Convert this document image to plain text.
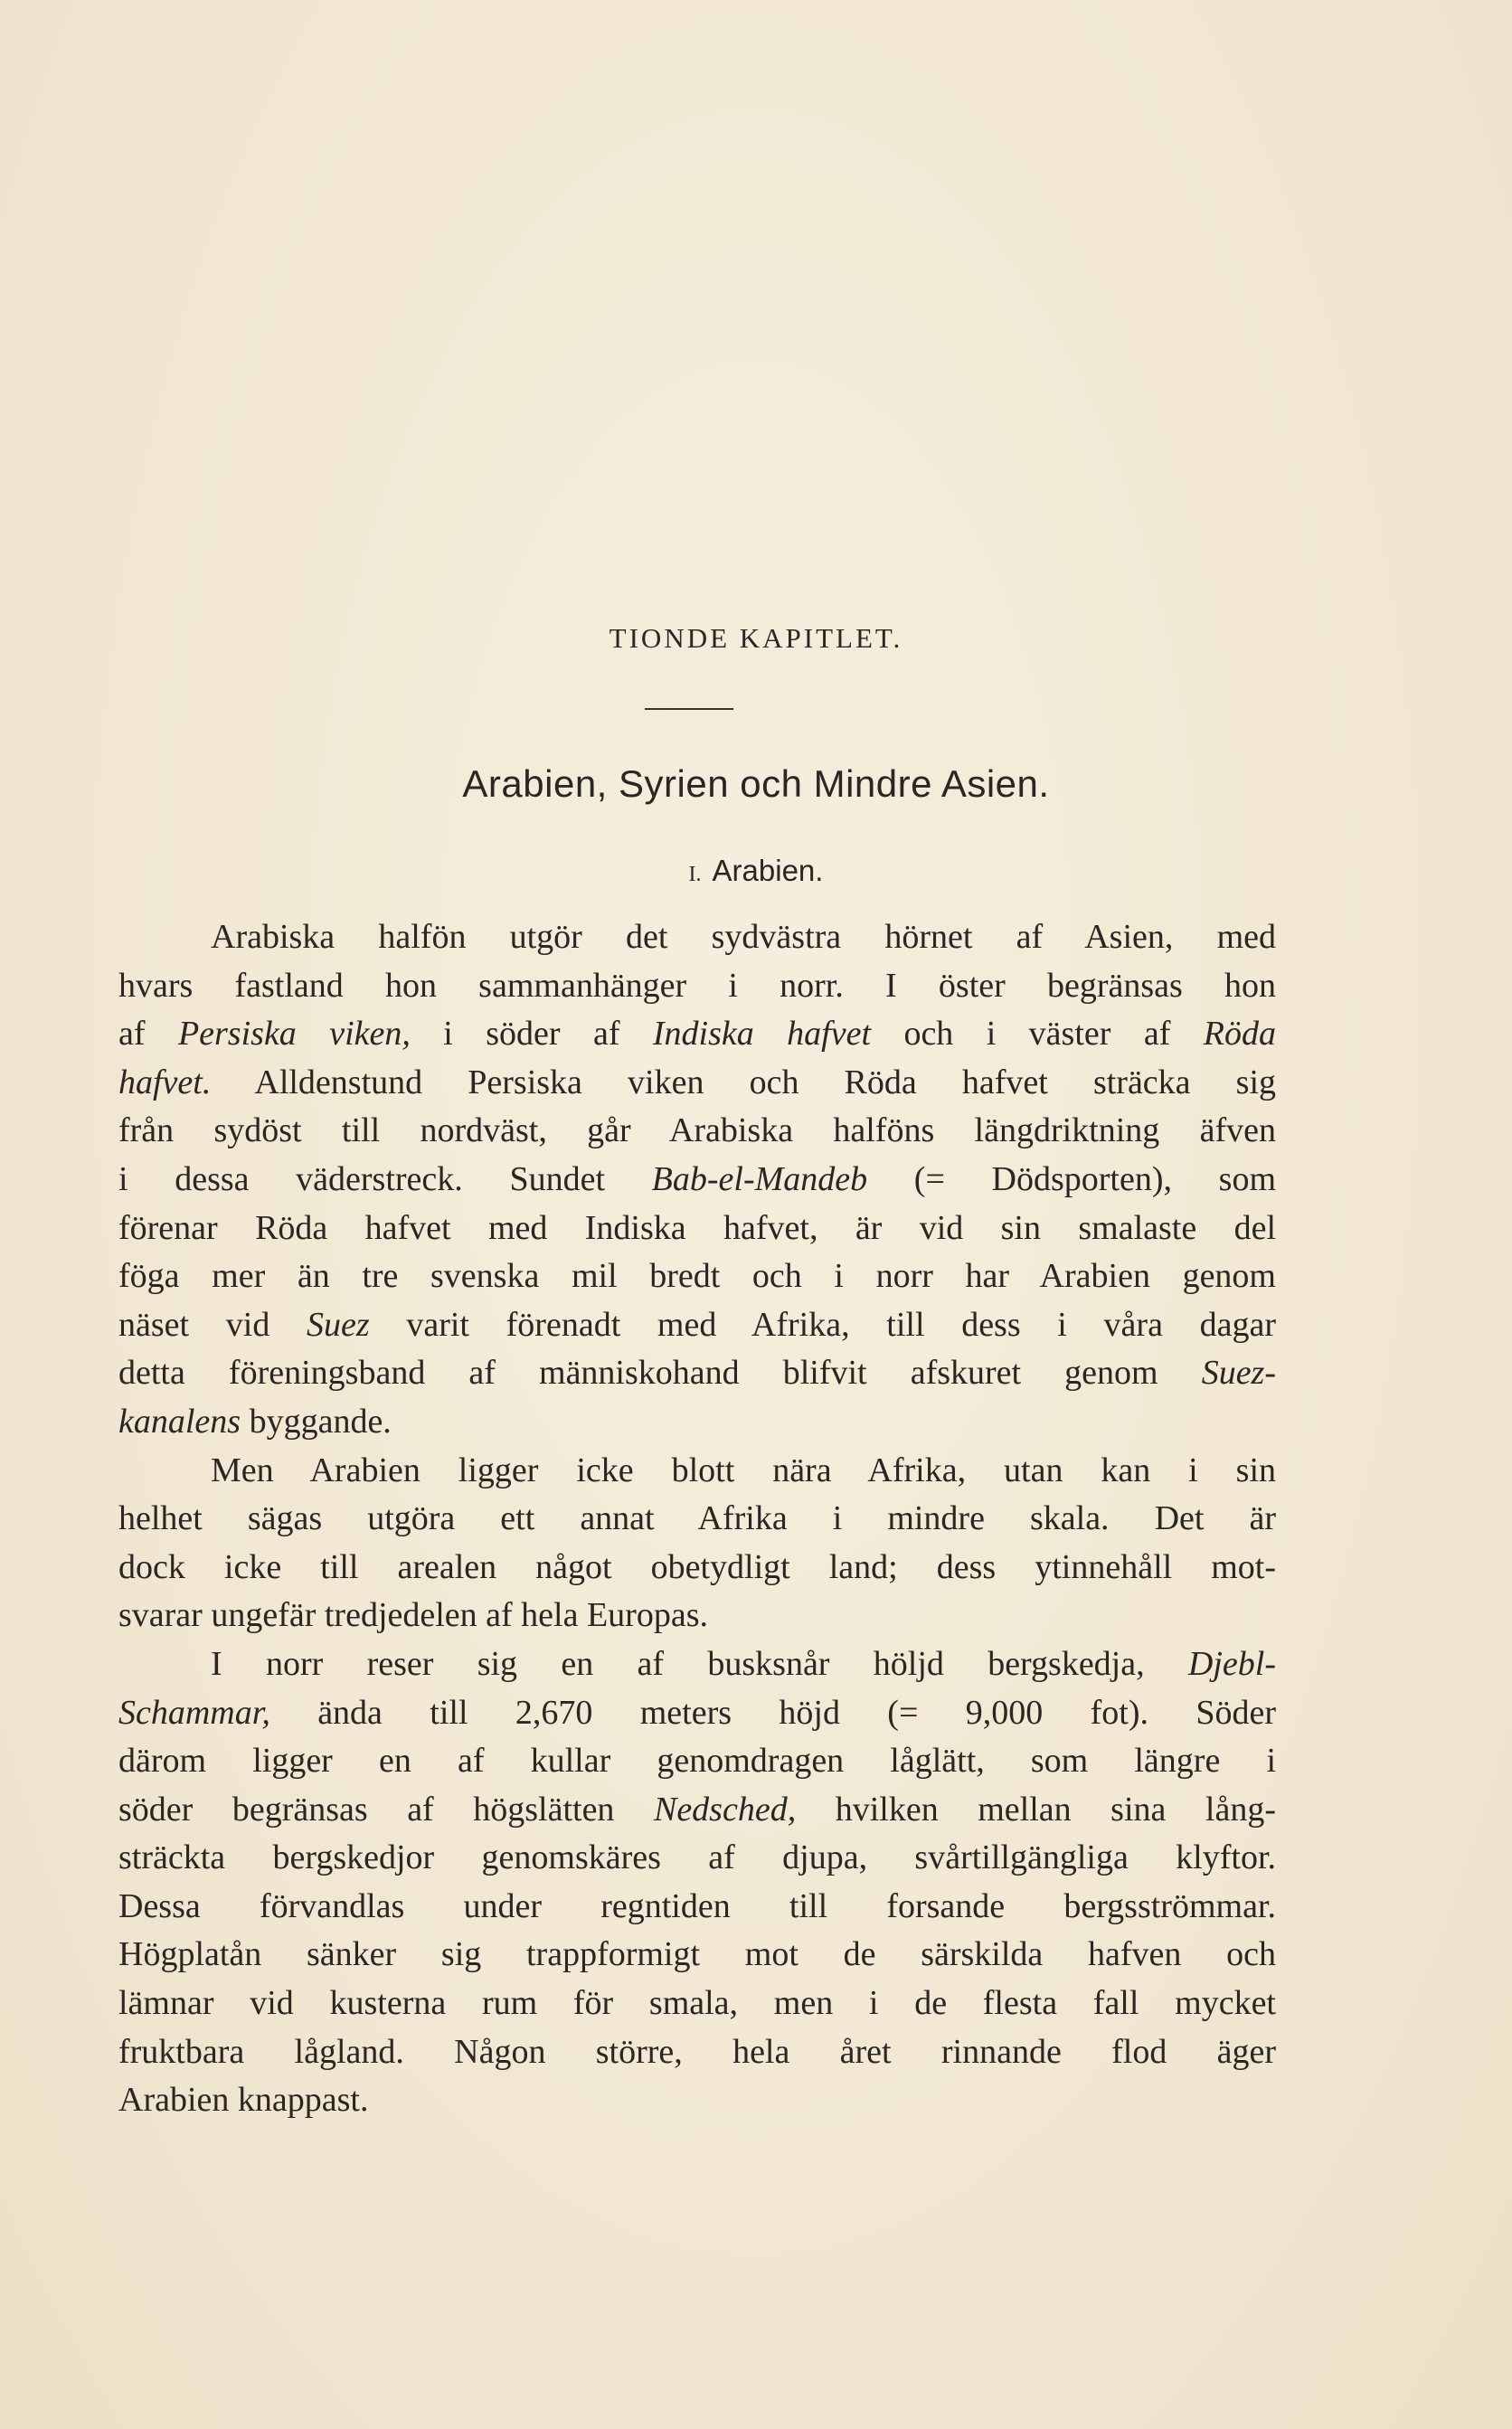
TIONDE KAPITLET.
Arabien, Syrien och Mindre Asien.
I. Arabien.
Arabiska halfön utgör det sydvästra hörnet af Asien, med
hvars fastland hon sammanhänger i norr. I öster begränsas hon
af Persiska viken, i söder af Indiska hafvet och i väster af Röda
hafvet. Alldenstund Persiska viken och Röda hafvet sträcka sig
från sydöst till nordväst, går Arabiska halföns längdriktning äfven
i dessa väderstreck. Sundet Bab-el-Mandeb (= Dödsporten), som
förenar Röda hafvet med Indiska hafvet, är vid sin smalaste del
föga mer än tre svenska mil bredt och i norr har Arabien genom
näset vid Suez varit förenadt med Afrika, till dess i våra dagar
detta föreningsband af människohand blifvit afskuret genom Suez-
kanalens byggande.
Men Arabien ligger icke blott nära Afrika, utan kan i sin
helhet sägas utgöra ett annat Afrika i mindre skala. Det är
dock icke till arealen något obetydligt land; dess ytinnehåll mot-
svarar ungefär tredjedelen af hela Europas.
I norr reser sig en af busksnår höljd bergskedja, Djebl-
Schammar, ända till 2,670 meters höjd (= 9,000 fot). Söder
därom ligger en af kullar genomdragen låglätt, som längre i
söder begränsas af högslätten Nedsched, hvilken mellan sina lång-
sträckta bergskedjor genomskäres af djupa, svårtillgängliga klyftor.
Dessa förvandlas under regntiden till forsande bergsströmmar.
Högplatån sänker sig trappformigt mot de särskilda hafven och
lämnar vid kusterna rum för smala, men i de flesta fall mycket
fruktbara lågland. Någon större, hela året rinnande flod äger
Arabien knappast.
